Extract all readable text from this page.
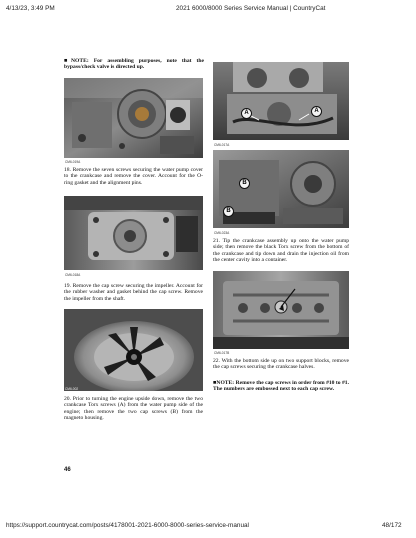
4/13/23, 3:49 PM	2021 6000/8000 Series Service Manual | CountryCat
■NOTE: For assembling purposes, note that the bypass/check valve is directed up.
CM6-019A
18. Remove the seven screws securing the water pump cover to the crankcase and remove the cover. Account for the O-ring gasket and the alignment pins.
CM6-018A
19. Remove the cap screw securing the impeller. Account for the rubber washer and gasket behind the cap screw. Remove the impeller from the shaft.
CM6-002
20. Prior to turning the engine upside down, remove the two crankcase Torx screws (A) from the water pump side of the engine; then remove the two cap screws (B) from the magneto housing.
46
A	A
CM6-017A
B
B
CM6-023A
21. Tip the crankcase assembly up onto the water pump side; then remove the black Torx screw from the bottom of the crankcase and tip down and drain the injection oil from the center cavity into a container.
CM6-017B
22. With the bottom side up on two support blocks, remove the cap screws securing the crankcase halves.
■NOTE: Remove the cap screws in order from #10 to #1. The numbers are embossed next to each cap screw.
https://support.countrycat.com/posts/4178001-2021-6000-8000-series-service-manual	48/172
